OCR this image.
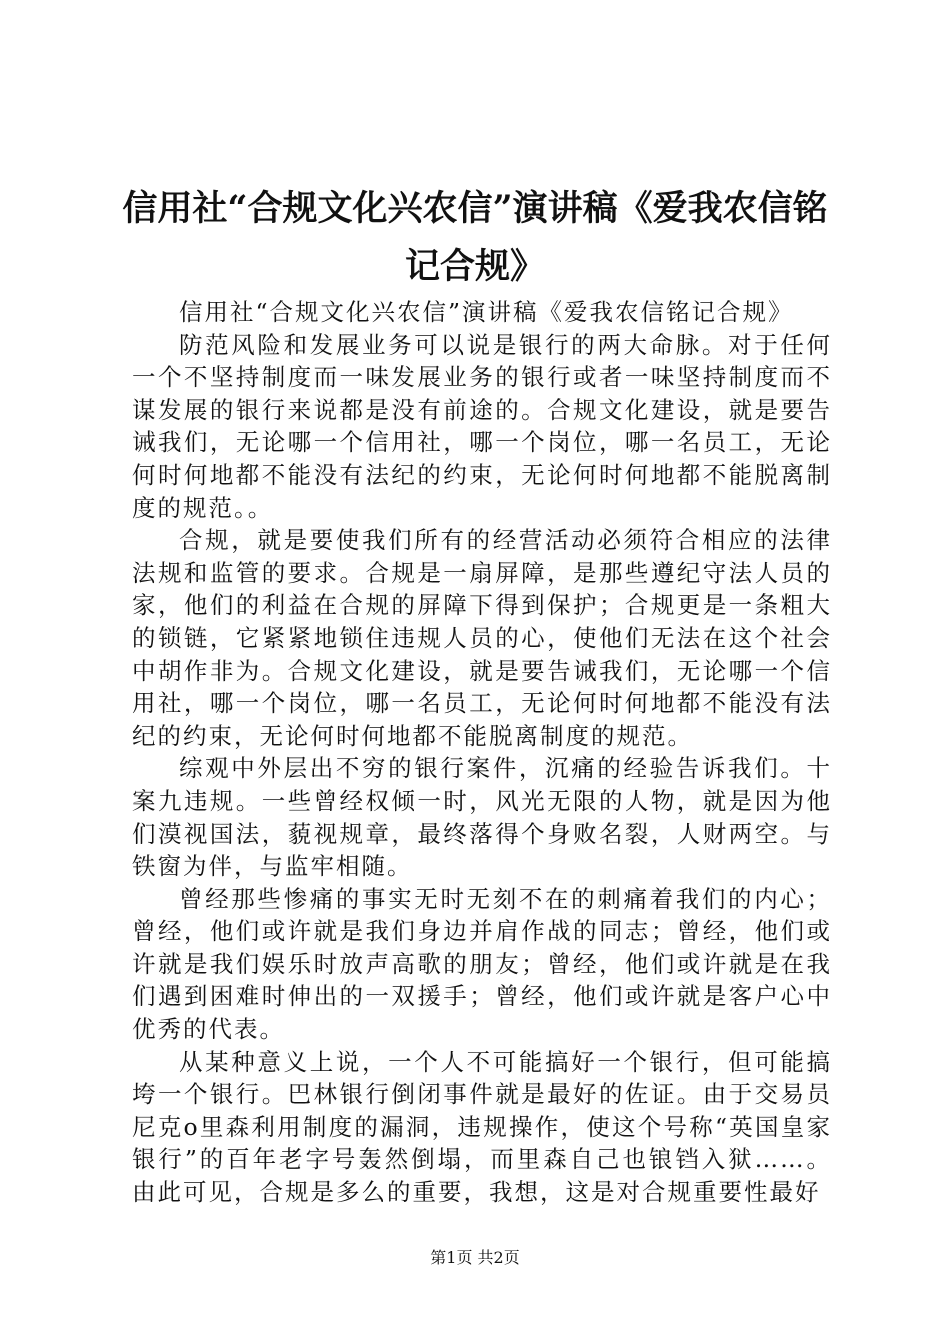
信用社“合规文化兴农信”演讲稿《爱我农信铭记合规》

信用社“合规文化兴农信”演讲稿《爱我农信铭记合规》

防范风险和发展业务可以说是银行的两大命脉。对于任何一个不坚持制度而一味发展业务的银行或者一味坚持制度而不谋发展的银行来说都是没有前途的。合规文化建设，就是要告诫我们，无论哪一个信用社，哪一个岗位，哪一名员工，无论何时何地都不能没有法纪的约束，无论何时何地都不能脱离制度的规范。。

合规，就是要使我们所有的经营活动必须符合相应的法律法规和监管的要求。合规是一扇屏障，是那些遵纪守法人员的家，他们的利益在合规的屏障下得到保护；合规更是一条粗大的锁链，它紧紧地锁住违规人员的心，使他们无法在这个社会中胡作非为。合规文化建设，就是要告诫我们，无论哪一个信用社，哪一个岗位，哪一名员工，无论何时何地都不能没有法纪的约束，无论何时何地都不能脱离制度的规范。

综观中外层出不穷的银行案件，沉痛的经验告诉我们。十案九违规。一些曾经权倾一时，风光无限的人物，就是因为他们漠视国法，藐视规章，最终落得个身败名裂，人财两空。与铁窗为伴，与监牢相随。

曾经那些惨痛的事实无时无刻不在的刺痛着我们的内心；曾经，他们或许就是我们身边并肩作战的同志；曾经，他们或许就是我们娱乐时放声高歌的朋友；曾经，他们或许就是在我们遇到困难时伸出的一双援手；曾经，他们或许就是客户心中优秀的代表。

从某种意义上说，一个人不可能搞好一个银行，但可能搞垮一个银行。巴林银行倒闭事件就是最好的佐证。由于交易员尼克o里森利用制度的漏洞，违规操作，使这个号称“英国皇家银行”的百年老字号轰然倒塌，而里森自己也锒铛入狱……。由此可见，合规是多么的重要，我想，这是对合规重要性最好

第1页 共2页
